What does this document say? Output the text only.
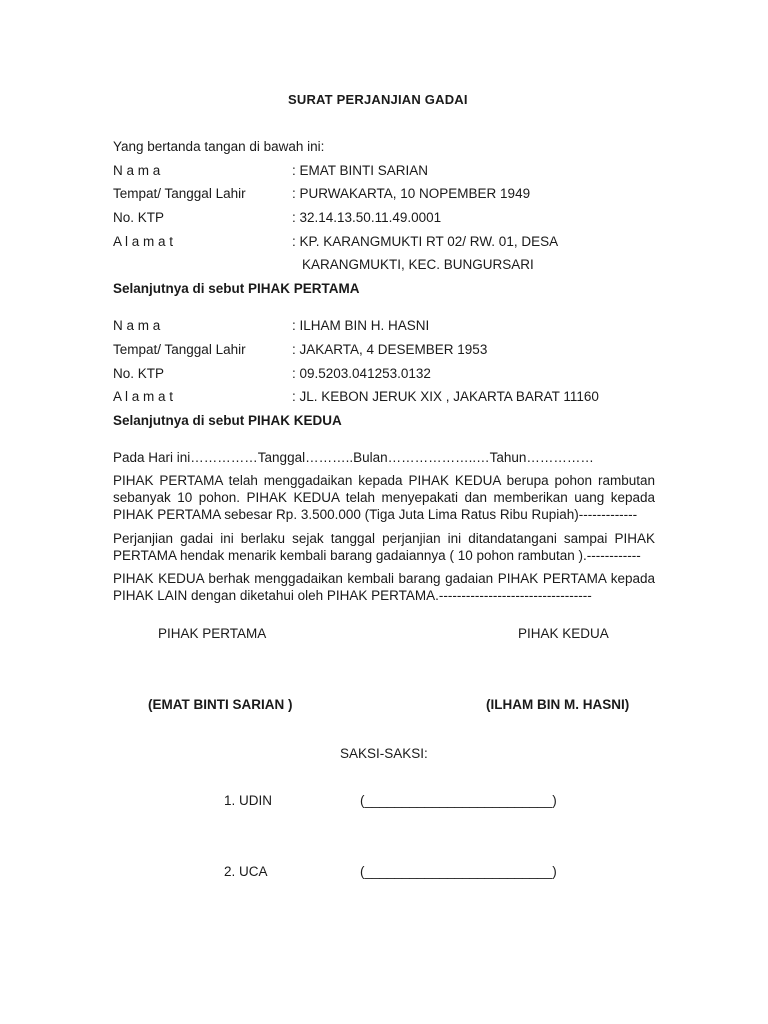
SURAT PERJANJIAN GADAI
Yang bertanda tangan di bawah ini:
N a m a	: EMAT BINTI SARIAN
Tempat/ Tanggal Lahir	: PURWAKARTA, 10 NOPEMBER 1949
No. KTP	: 32.14.13.50.11.49.0001
A l a m a t	: KP. KARANGMUKTI RT 02/ RW. 01, DESA
KARANGMUKTI, KEC. BUNGURSARI
Selanjutnya di sebut PIHAK PERTAMA
N a m a	: ILHAM BIN H. HASNI
Tempat/ Tanggal Lahir	: JAKARTA, 4 DESEMBER 1953
No. KTP	: 09.5203.041253.0132
A l a m a t	: JL. KEBON JERUK XIX , JAKARTA BARAT 11160
Selanjutnya di sebut PIHAK KEDUA
Pada Hari ini……………Tanggal………..Bulan………………..…Tahun……………
PIHAK PERTAMA telah menggadaikan kepada PIHAK KEDUA berupa pohon rambutan sebanyak 10 pohon. PIHAK KEDUA telah menyepakati dan memberikan uang kepada PIHAK PERTAMA sebesar Rp. 3.500.000 (Tiga Juta Lima Ratus Ribu Rupiah)-------------
Perjanjian gadai ini berlaku sejak tanggal perjanjian ini ditandatangani sampai PIHAK PERTAMA hendak menarik kembali barang gadaiannya ( 10 pohon rambutan ).------------
PIHAK KEDUA berhak menggadaikan kembali barang gadaian PIHAK PERTAMA kepada PIHAK LAIN dengan diketahui oleh PIHAK PERTAMA.----------------------------------
PIHAK PERTAMA	PIHAK KEDUA
(EMAT BINTI SARIAN )	(ILHAM BIN M. HASNI)
SAKSI-SAKSI:
1. UDIN	(_________________________)
2. UCA	(_________________________)
